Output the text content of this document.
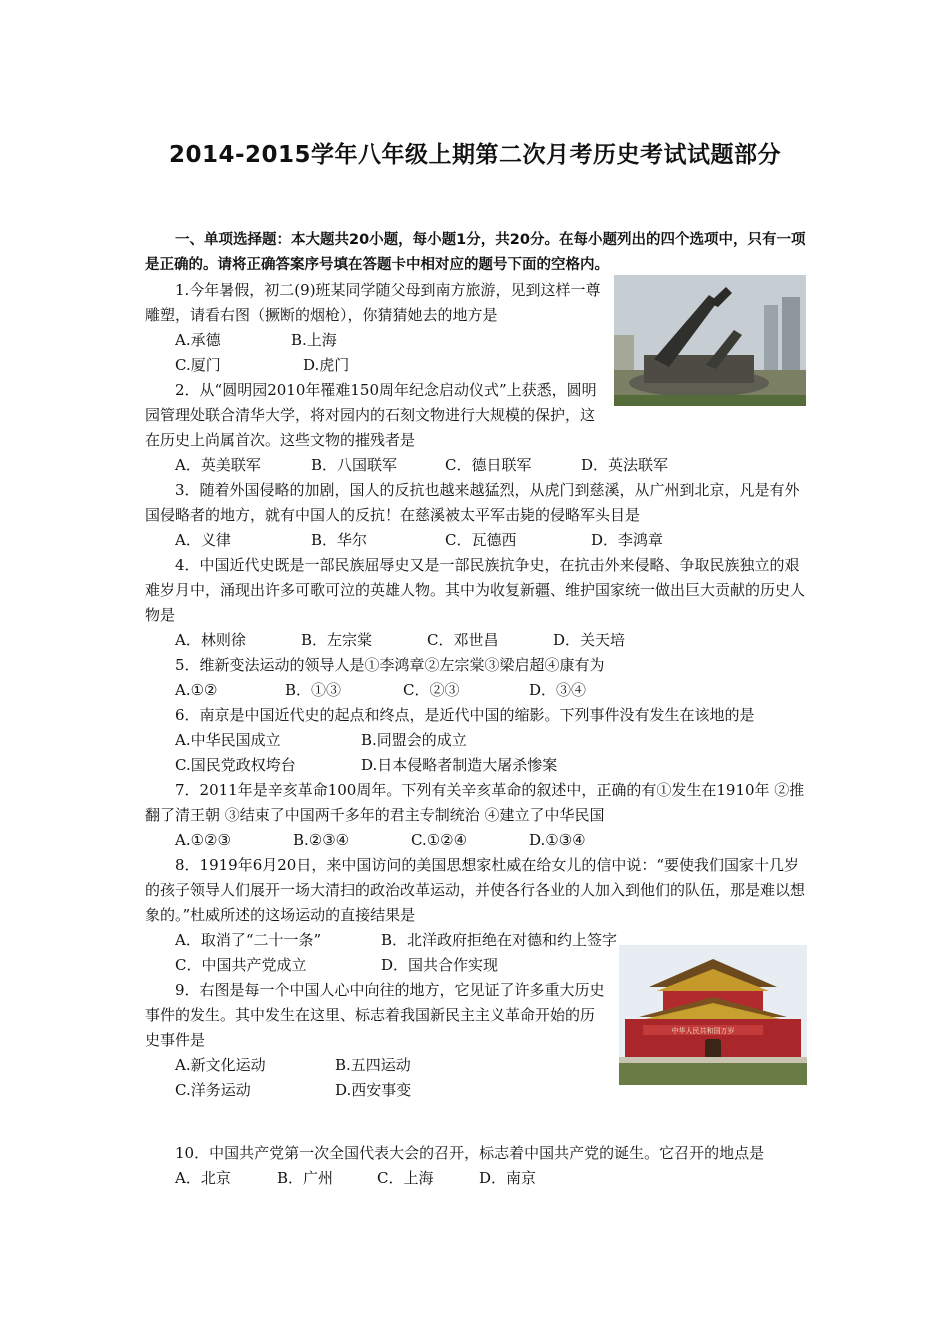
2014-2015学年八年级上期第二次月考历史考试试题部分

一、单项选择题：本大题共20小题，每小题1分，共20分。在每小题列出的四个选项中，只有一项是正确的。请将正确答案序号填在答题卡中相对应的题号下面的空格内。

1.今年暑假，初二(9)班某同学随父母到南方旅游，见到这样一尊雕塑，请看右图（撅断的烟枪），你猜猜她去的地方是

A.承德	B.上海
C.厦门	D.虎门

2．从“圆明园2010年罹难150周年纪念启动仪式”上获悉，圆明园管理处联合清华大学，将对园内的石刻文物进行大规模的保护，这在历史上尚属首次。这些文物的摧残者是

A．英美联军	B．八国联军	C．德日联军	D．英法联军

3．随着外国侵略的加剧，国人的反抗也越来越猛烈，从虎门到慈溪，从广州到北京，凡是有外国侵略者的地方，就有中国人的反抗！在慈溪被太平军击毙的侵略军头目是

A．义律	B．华尔	C．瓦德西	D．李鸿章

4．中国近代史既是一部民族屈辱史又是一部民族抗争史，在抗击外来侵略、争取民族独立的艰难岁月中，涌现出许多可歌可泣的英雄人物。其中为收复新疆、维护国家统一做出巨大贡献的历史人物是

A．林则徐	B．左宗棠	C．邓世昌	D．关天培

5．维新变法运动的领导人是①李鸿章②左宗棠③梁启超④康有为

A.①②	B．①③	C．②③	D．③④

6．南京是中国近代史的起点和终点，是近代中国的缩影。下列事件没有发生在该地的是

A.中华民国成立	B.同盟会的成立
C.国民党政权垮台	D.日本侵略者制造大屠杀惨案

7．2011年是辛亥革命100周年。下列有关辛亥革命的叙述中，正确的有①发生在1910年 ②推翻了清王朝 ③结束了中国两千多年的君主专制统治 ④建立了中华民国

A.①②③	B.②③④	C.①②④	D.①③④

8．1919年6月20日，来中国访问的美国思想家杜威在给女儿的信中说：“要使我们国家十几岁的孩子领导人们展开一场大清扫的政治改革运动，并使各行各业的人加入到他们的队伍，那是难以想象的。”杜威所述的这场运动的直接结果是

A．取消了“二十一条”	B．北洋政府拒绝在对德和约上签字
C．中国共产党成立	D．国共合作实现

9．右图是每一个中国人心中向往的地方，它见证了许多重大历史事件的发生。其中发生在这里、标志着我国新民主主义革命开始的历史事件是

A.新文化运动	B.五四运动
C.洋务运动	D.西安事变

10．中国共产党第一次全国代表大会的召开，标志着中国共产党的诞生。它召开的地点是

A．北京	B．广州	C．上海	D．南京
中华人民共和国万岁
